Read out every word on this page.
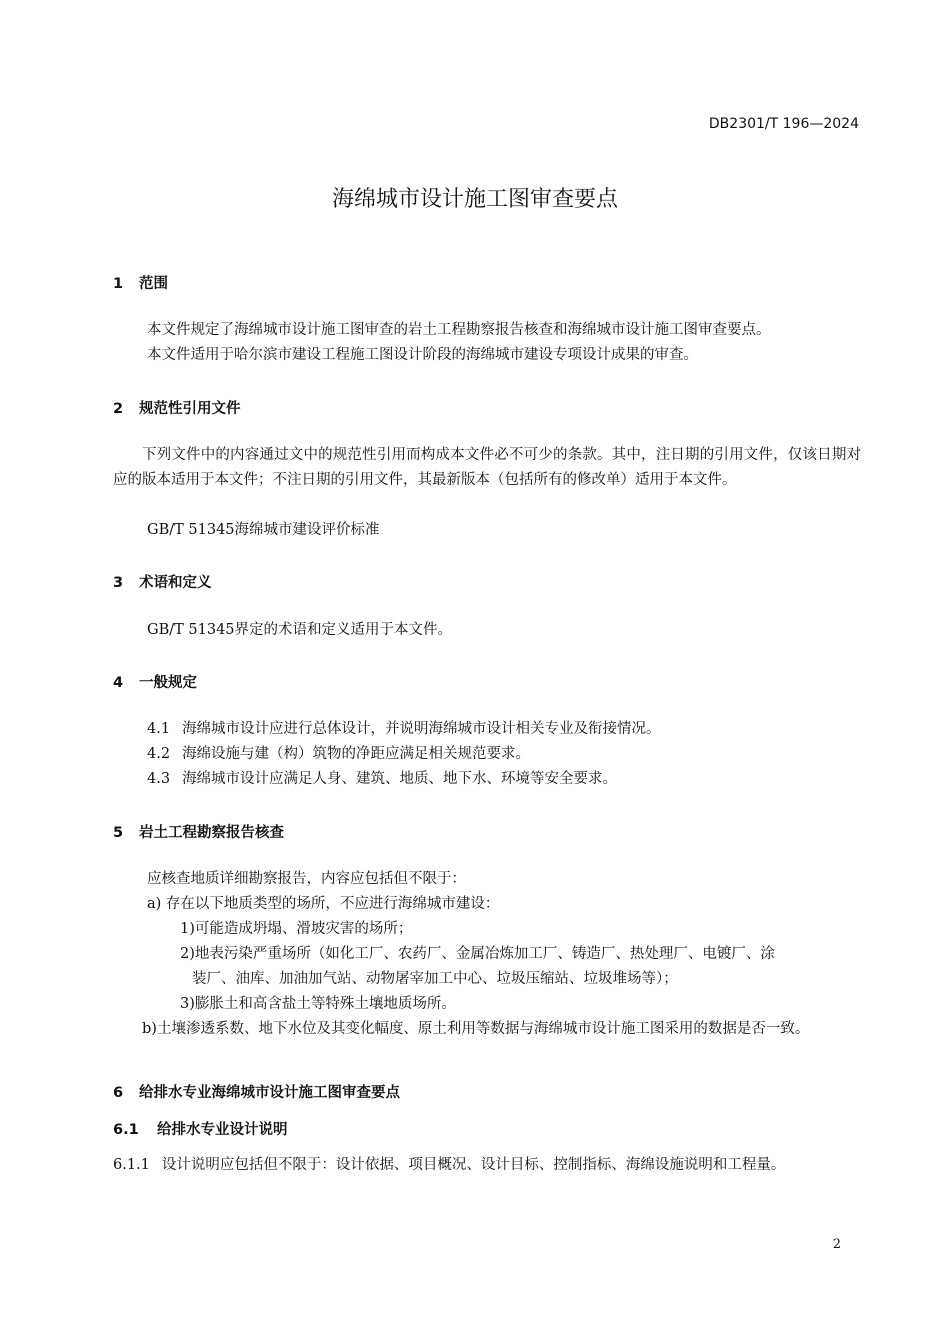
DB2301/T 196—2024
海绵城市设计施工图审查要点
1 范围
本文件规定了海绵城市设计施工图审查的岩土工程勘察报告核查和海绵城市设计施工图审查要点。
本文件适用于哈尔滨市建设工程施工图设计阶段的海绵城市建设专项设计成果的审查。
2 规范性引用文件
下列文件中的内容通过文中的规范性引用而构成本文件必不可少的条款。其中，注日期的引用文件，仅该日期对应的版本适用于本文件；不注日期的引用文件，其最新版本（包括所有的修改单）适用于本文件。
GB/T 51345海绵城市建设评价标准
3 术语和定义
GB/T 51345界定的术语和定义适用于本文件。
4 一般规定
4.1 海绵城市设计应进行总体设计，并说明海绵城市设计相关专业及衔接情况。
4.2 海绵设施与建（构）筑物的净距应满足相关规范要求。
4.3 海绵城市设计应满足人身、建筑、地质、地下水、环境等安全要求。
5 岩土工程勘察报告核查
应核查地质详细勘察报告，内容应包括但不限于：
a) 存在以下地质类型的场所，不应进行海绵城市建设：
1)可能造成坍塌、滑坡灾害的场所；
2)地表污染严重场所（如化工厂、农药厂、金属冶炼加工厂、铸造厂、热处理厂、电镀厂、涂
装厂、油库、加油加气站、动物屠宰加工中心、垃圾压缩站、垃圾堆场等）；
3)膨胀土和高含盐土等特殊土壤地质场所。
b)土壤渗透系数、地下水位及其变化幅度、原土利用等数据与海绵城市设计施工图采用的数据是否一致。
6 给排水专业海绵城市设计施工图审查要点
6.1 给排水专业设计说明
6.1.1 设计说明应包括但不限于：设计依据、项目概况、设计目标、控制指标、海绵设施说明和工程量。
2
